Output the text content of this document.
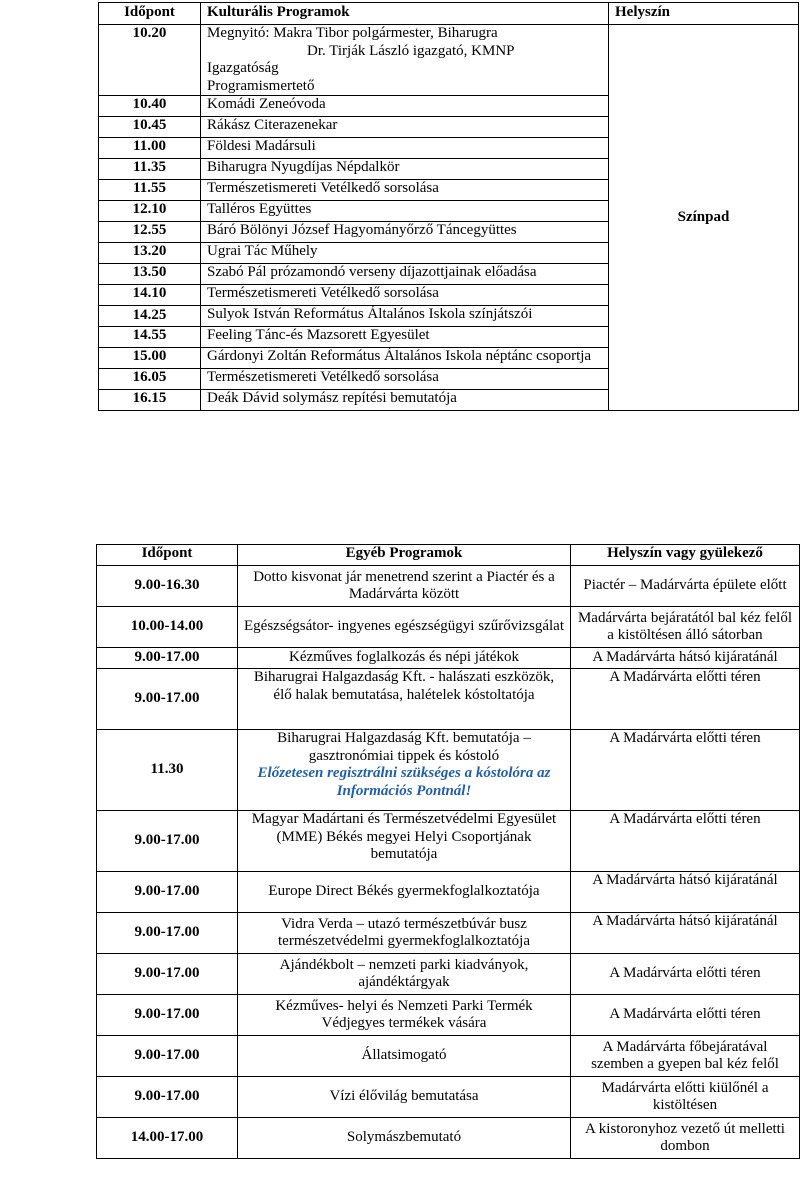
Időpont	Kulturális Programok	Helyszín
10.20	Megnyitó: Makra Tibor polgármester, Biharugra
Dr. Tirják László igazgató, KMNP
Igazgatóság
Programismertető	Színpad
10.40	Komádi Zeneóvoda	
10.45	Rákász Citerazenekar	
11.00	Földesi Madársuli	
11.35	Biharugra Nyugdíjas Népdalkör	
11.55	Természetismereti Vetélkedő sorsolása	
12.10	Talléros Együttes	
12.55	Báró Bölönyi József Hagyományőrző Táncegyüttes	
13.20	Ugrai Tác Műhely	
13.50	Szabó Pál prózamondó verseny díjazottjainak előadása	
14.10	Természetismereti Vetélkedő sorsolása	
14.25	Sulyok István Református Általános Iskola színjátszói	
14.55	Feeling Tánc-és Mazsorett Egyesület	
15.00	Gárdonyi Zoltán Református Általános Iskola néptánc csoportja	
16.05	Természetismereti Vetélkedő sorsolása	
16.15	Deák Dávid solymász repítési bemutatója	
Időpont	Egyéb Programok	Helyszín vagy gyülekező
9.00-16.30	Dotto kisvonat jár menetrend szerint a Piactér és a Madárvárta között	Piactér – Madárvárta épülete előtt
10.00-14.00	Egészségsátor- ingyenes egészségügyi szűrővizsgálat	Madárvárta bejáratától bal kéz felől a kistöltésen álló sátorban
9.00-17.00	Kézműves foglalkozás és népi játékok	A Madárvárta hátsó kijáratánál
9.00-17.00	Biharugrai Halgazdaság Kft. - halászati eszközök, élő halak bemutatása, halételek kóstoltatója	A Madárvárta előtti téren
11.30	Biharugrai Halgazdaság Kft. bemutatója – gasztronómiai tippek és kóstoló
Előzetesen regisztrálni szükséges a kóstolóra az Információs Pontnál!	A Madárvárta előtti téren
9.00-17.00	Magyar Madártani és Természetvédelmi Egyesület (MME) Békés megyei Helyi Csoportjának bemutatója	A Madárvárta előtti téren
9.00-17.00	Europe Direct Békés gyermekfoglalkoztatója	A Madárvárta hátsó kijáratánál
9.00-17.00	Vidra Verda – utazó természetbúvár busz természetvédelmi gyermekfoglalkoztatója	A Madárvárta hátsó kijáratánál
9.00-17.00	Ajándékbolt – nemzeti parki kiadványok, ajándéktárgyak	A Madárvárta előtti téren
9.00-17.00	Kézműves- helyi és Nemzeti Parki Termék Védjegyes termékek vására	A Madárvárta előtti téren
9.00-17.00	Állatsimogató	A Madárvárta főbejáratával szemben a gyepen bal kéz felől
9.00-17.00	Vízi élővilág bemutatása	Madárvárta előtti kiülőnél a kistöltésen
14.00-17.00	Solymászbemutató	A kistoronyhoz vezető út melletti dombon
